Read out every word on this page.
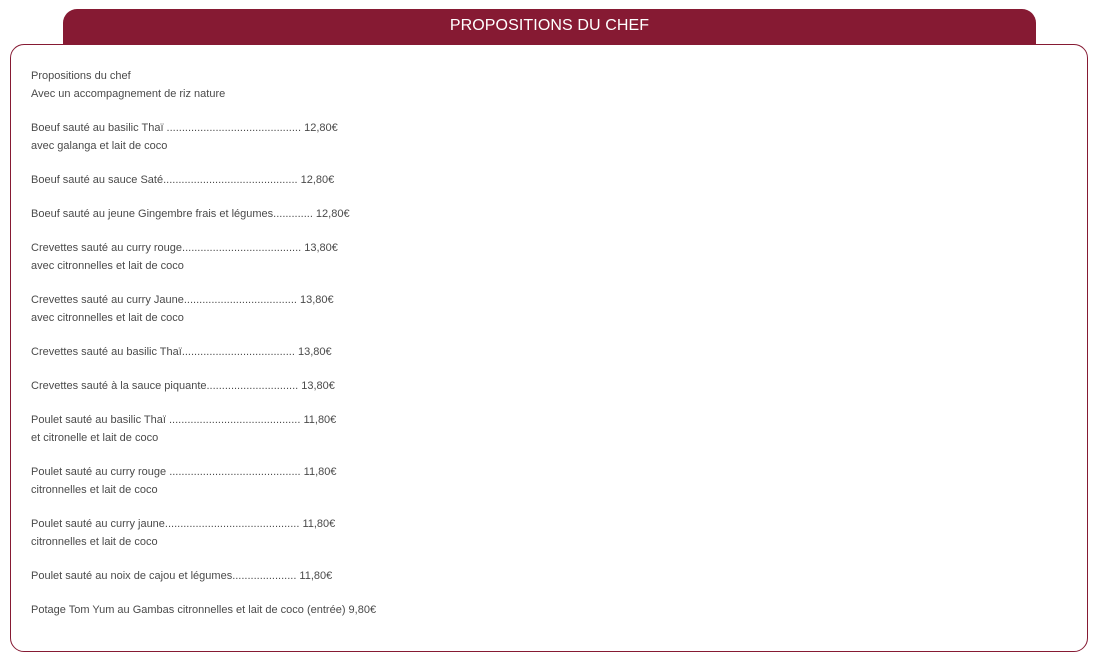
PROPOSITIONS DU CHEF

Propositions du chef

Avec un accompagnement de riz nature

Boeuf sauté au basilic Thaï ............................................ 12,80€

avec galanga et lait de coco

Boeuf sauté au sauce Saté............................................ 12,80€

Boeuf sauté au jeune Gingembre frais et légumes............. 12,80€

Crevettes sauté au curry rouge....................................... 13,80€

avec citronnelles et lait de coco

Crevettes sauté au curry Jaune..................................... 13,80€

avec citronnelles et lait de coco

Crevettes sauté au basilic Thaï..................................... 13,80€

Crevettes sauté à la sauce piquante.............................. 13,80€

Poulet sauté au basilic Thaï ........................................... 11,80€

et citronelle et lait de coco

Poulet sauté au curry rouge ........................................... 11,80€

citronnelles et lait de coco

Poulet sauté au curry jaune............................................ 11,80€

citronnelles et lait de coco

Poulet sauté au noix de cajou et légumes..................... 11,80€

Potage Tom Yum au Gambas citronnelles et lait de coco (entrée) 9,80€
